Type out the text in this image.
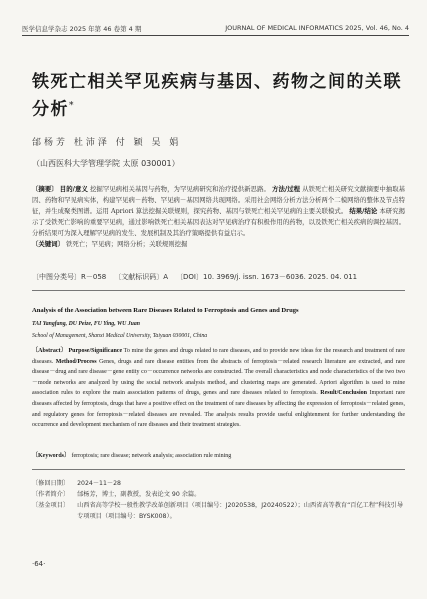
医学信息学杂志 2025 年第 46 卷第 4 期	JOURNAL OF MEDICAL INFORMATICS 2025, Vol. 46, No. 4
铁死亡相关罕见疾病与基因、药物之间的关联分析*
邰杨芳 杜沛泽 付 颖 吴 娟
（山西医科大学管理学院 太原 030001）
〔摘要〕 目的/意义 挖掘罕见病相关基因与药物，为罕见病研究和治疗提供新思路。 方法/过程 从铁死亡相关研究文献摘要中抽取基因、药物和罕见病实体，构建罕见病－药物、罕见病－基因网络共现网络。采用社会网络分析方法分析两个二模网络的整体及节点特征，并生成聚类图谱。运用 Apriori 算法挖掘关联规则，探究药物、基因与铁死亡相关罕见病的主要关联模式。 结果/结论 本研究揭示了受铁死亡影响的重要罕见病，通过影响铁死亡相关基因表达对罕见病治疗有积极作用的药物，以及铁死亡相关疾病的调控基因。分析结果可为深入理解罕见病的发生、发展机制及其治疗策略提供有益启示。
〔关键词〕 铁死亡；罕见病；网络分析；关联规则挖掘
〔中图分类号〕R－058 〔文献标识码〕A 〔DOI〕10. 3969/j. issn. 1673－6036. 2025. 04. 011
Analysis of the Association between Rare Diseases Related to Ferroptosis and Genes and Drugs
TAI Yangfang, DU Peize, FU Ying, WU Juan
School of Management, Shanxi Medical University, Taiyuan 030001, China
〔Abstract〕 Purpose/Significance To mine the genes and drugs related to rare diseases, and to provide new ideas for the research and treatment of rare diseases. Method/Process Genes, drugs and rare disease entities from the abstracts of ferroptosis－related research literature are extracted, and rare disease－drug and rare disease－gene entity co－occurrence networks are constructed. The overall characteristics and node characteristics of the two two－mode networks are analyzed by using the social network analysis method, and clustering maps are generated. Apriori algorithm is used to mine association rules to explore the main association patterns of drugs, genes and rare diseases related to ferroptosis. Result/Conclusion Important rare diseases affected by ferroptosis, drugs that have a positive effect on the treatment of rare diseases by affecting the expression of ferroptosis－related genes, and regulatory genes for ferroptosis－related diseases are revealed. The analysis results provide useful enlightenment for further understanding the occurrence and development mechanism of rare diseases and their treatment strategies.
〔Keywords〕 ferroptosis; rare disease; network analysis; association rule mining
〔修回日期〕 2024－11－28
〔作者简介〕 邰杨芳，博士，副教授，发表论文 90 余篇。
〔基金项目〕 山西省高等学校一般性教学改革创新项目（项目编号：J2020538，J20240522）；山西省高等教育“百亿工程”科技引导专项项目（项目编号：BYSK008）。
·64·
